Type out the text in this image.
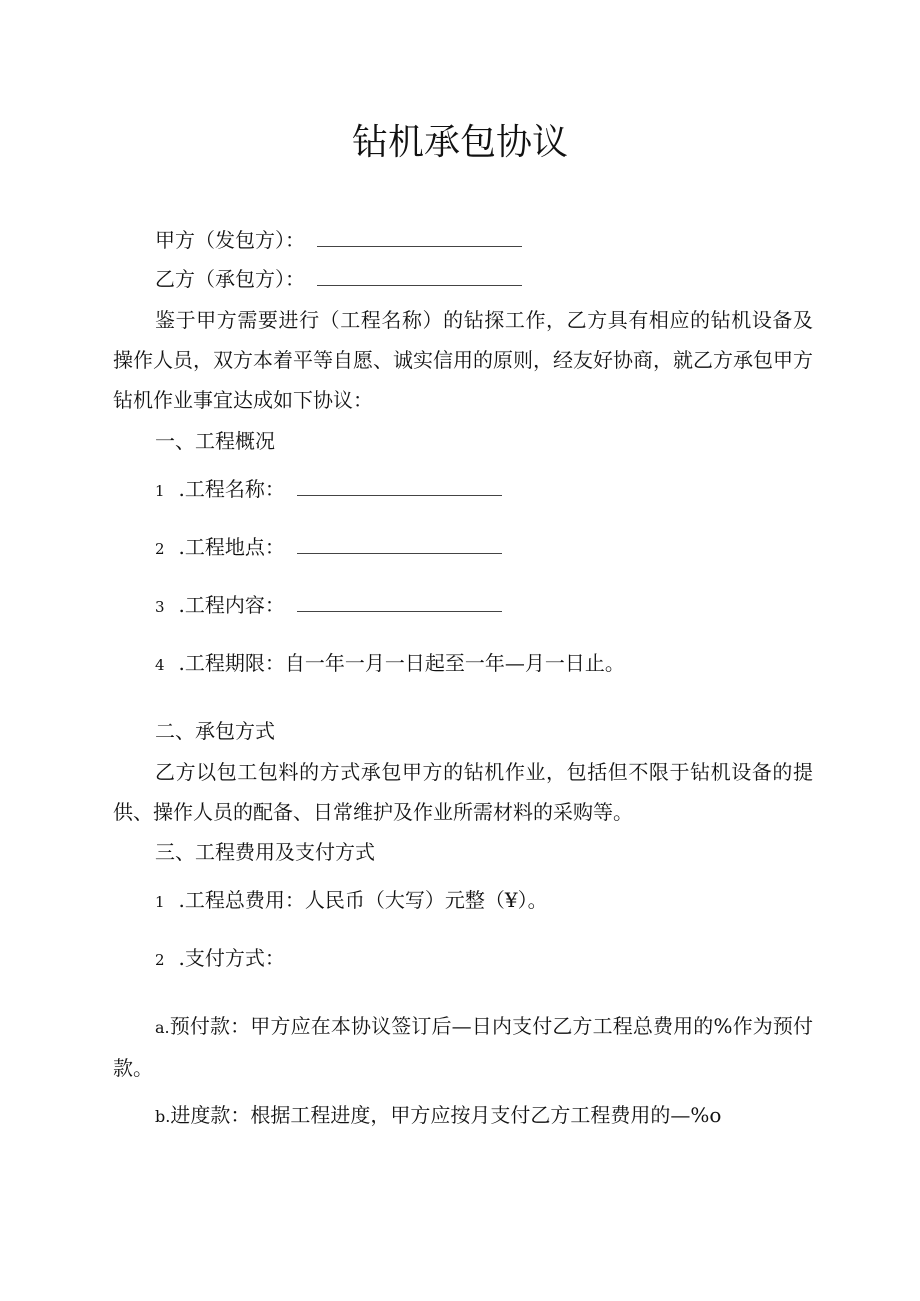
钻机承包协议
甲方（发包方）：
乙方（承包方）：

鉴于甲方需要进行（工程名称）的钻探工作，乙方具有相应的钻机设备及操作人员，双方本着平等自愿、诚实信用的原则，经友好协商，就乙方承包甲方钻机作业事宜达成如下协议：

一、工程概况
1 .工程名称：
2 .工程地点：
3 .工程内容：
4 .工程期限：自一年一月一日起至一年—月一日止。
二、承包方式

乙方以包工包料的方式承包甲方的钻机作业，包括但不限于钻机设备的提供、操作人员的配备、日常维护及作业所需材料的采购等。

三、工程费用及支付方式
1 .工程总费用：人民币（大写）元整（¥）。
2 .支付方式：

a.预付款：甲方应在本协议签订后—日内支付乙方工程总费用的%作为预付款。

b.进度款：根据工程进度，甲方应按月支付乙方工程费用的—%o
